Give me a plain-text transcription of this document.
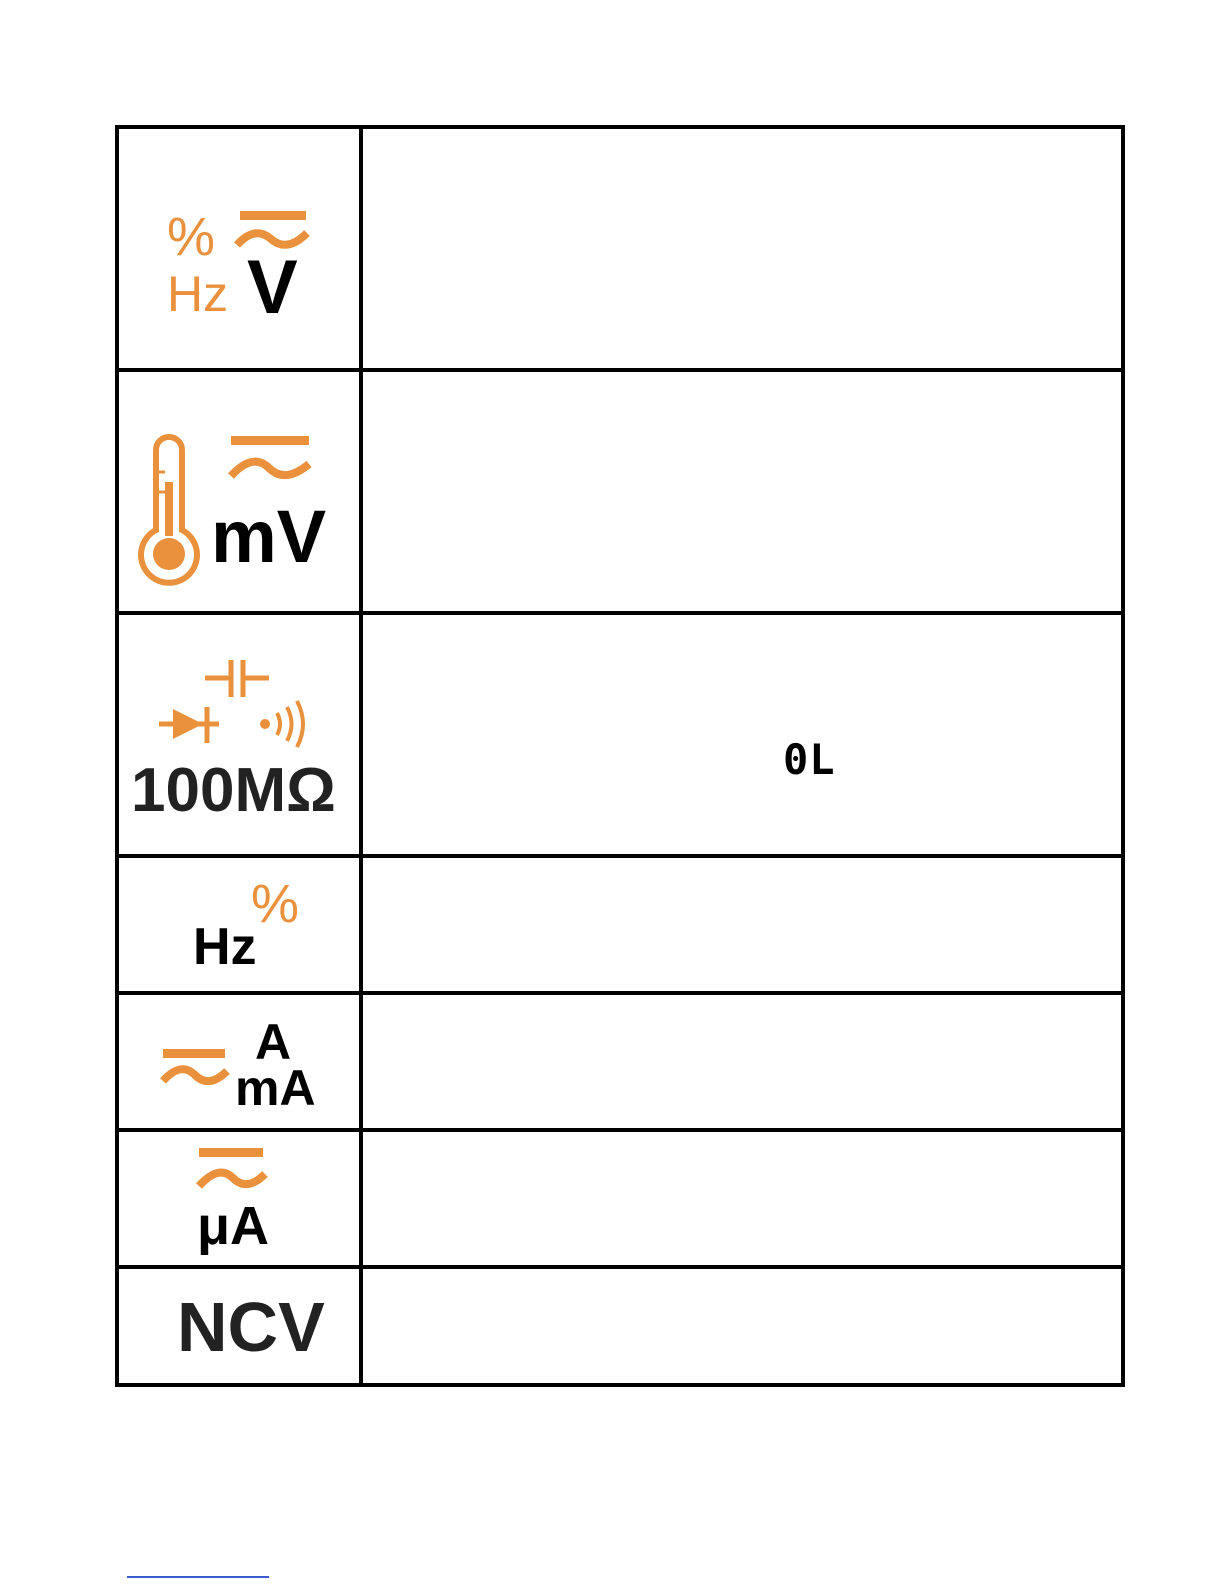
%
Hz V
mV
100MΩ	0L
%
Hz
A
mA
μA
NCV
